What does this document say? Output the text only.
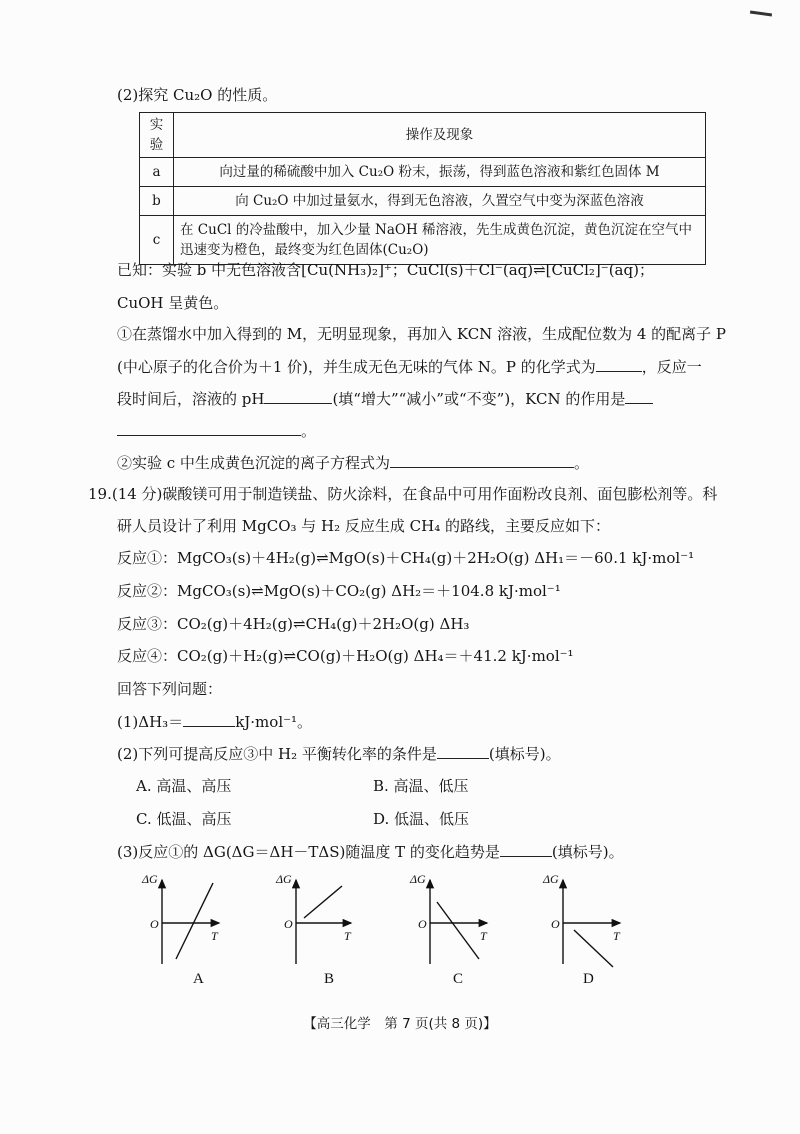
(2)探究 Cu₂O 的性质。
实验	操作及现象
a	向过量的稀硫酸中加入 Cu₂O 粉末，振荡，得到蓝色溶液和紫红色固体 M
b	向 Cu₂O 中加过量氨水，得到无色溶液，久置空气中变为深蓝色溶液
c	在 CuCl 的冷盐酸中，加入少量 NaOH 稀溶液，先生成黄色沉淀，黄色沉淀在空气中迅速变为橙色，最终变为红色固体(Cu₂O)
已知：实验 b 中无色溶液含[Cu(NH₃)₂]⁺；CuCl(s)＋Cl⁻(aq)⇌[CuCl₂]⁻(aq)；
CuOH 呈黄色。
①在蒸馏水中加入得到的 M，无明显现象，再加入 KCN 溶液，生成配位数为 4 的配离子 P
(中心原子的化合价为＋1 价)，并生成无色无味的气体 N。P 的化学式为	，反应一
段时间后，溶液的 pH	(填“增大”“减小”或“不变”)，KCN 的作用是
。
②实验 c 中生成黄色沉淀的离子方程式为	。
19.(14 分)碳酸镁可用于制造镁盐、防火涂料，在食品中可用作面粉改良剂、面包膨松剂等。科
研人员设计了利用 MgCO₃ 与 H₂ 反应生成 CH₄ 的路线，主要反应如下：
反应①：MgCO₃(s)＋4H₂(g)⇌MgO(s)＋CH₄(g)＋2H₂O(g) ΔH₁＝－60.1 kJ·mol⁻¹
反应②：MgCO₃(s)⇌MgO(s)＋CO₂(g) ΔH₂＝＋104.8 kJ·mol⁻¹
反应③：CO₂(g)＋4H₂(g)⇌CH₄(g)＋2H₂O(g) ΔH₃
反应④：CO₂(g)＋H₂(g)⇌CO(g)＋H₂O(g) ΔH₄＝＋41.2 kJ·mol⁻¹
回答下列问题：
(1)ΔH₃＝	kJ·mol⁻¹。
(2)下列可提高反应③中 H₂ 平衡转化率的条件是	(填标号)。
A. 高温、高压	B. 高温、低压
C. 低温、高压	D. 低温、低压
(3)反应①的 ΔG(ΔG＝ΔH－TΔS)随温度 T 的变化趋势是	(填标号)。
ΔG
O
T
ΔG
O
T
ΔG
O
T
ΔG
O
T
A	B	C	D
【高三化学　第 7 页(共 8 页)】
